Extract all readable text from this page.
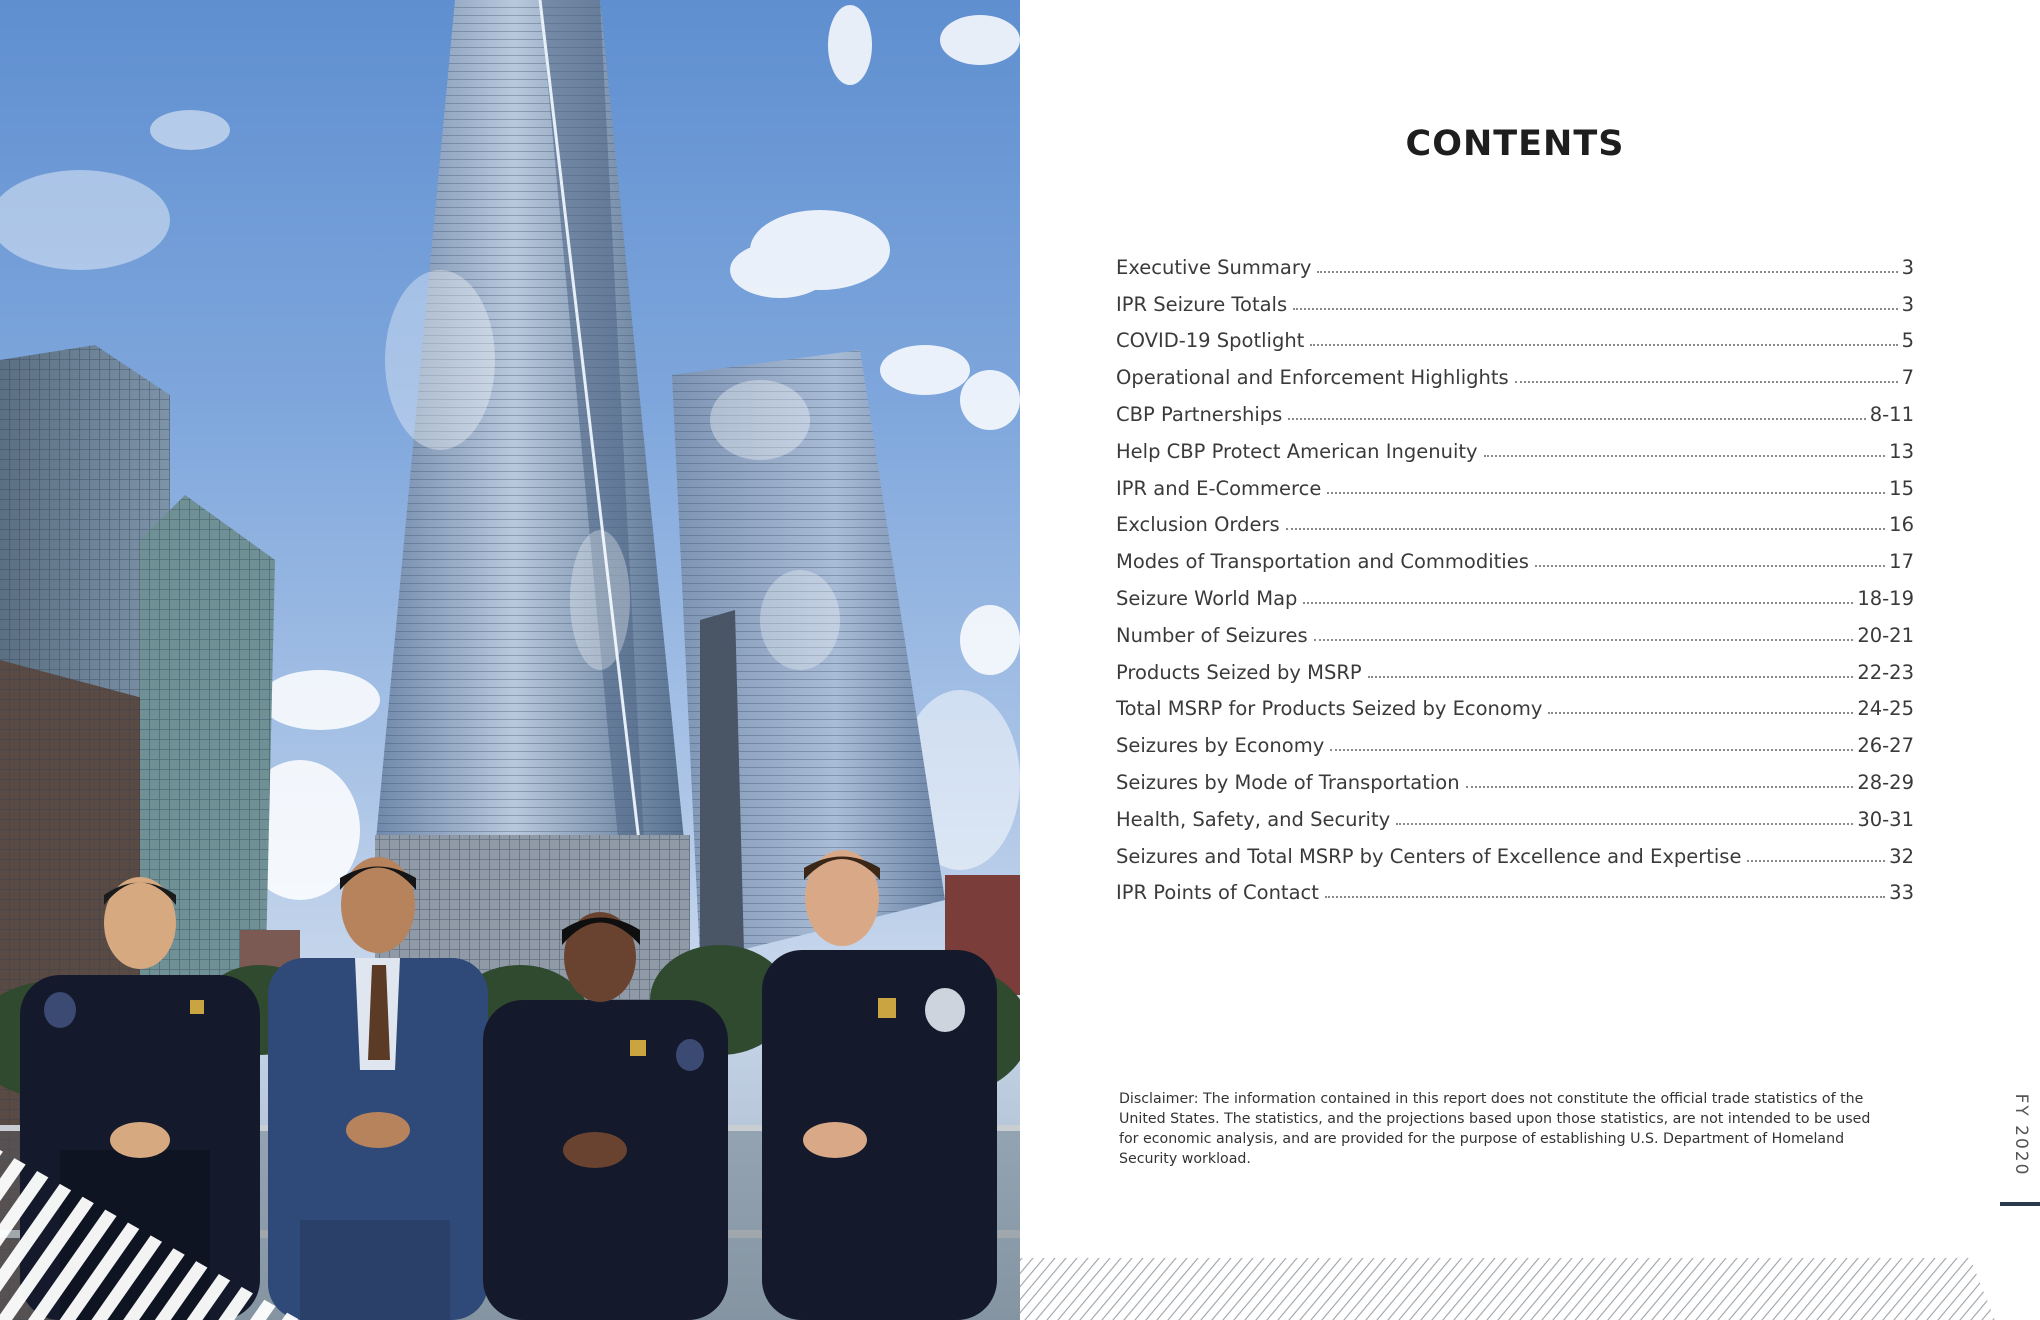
CONTENTS
Executive Summary	3
IPR Seizure Totals	3
COVID-19 Spotlight	5
Operational and Enforcement Highlights	7
CBP Partnerships	8-11
Help CBP Protect American Ingenuity	13
IPR and E-Commerce	15
Exclusion Orders	16
Modes of Transportation and Commodities	17
Seizure World Map	18-19
Number of Seizures	20-21
Products Seized by MSRP	22-23
Total MSRP for Products Seized by Economy	24-25
Seizures by Economy	26-27
Seizures by Mode of Transportation	28-29
Health, Safety, and Security	30-31
Seizures and Total MSRP by Centers of Excellence and Expertise	32
IPR Points of Contact	33
Disclaimer: The information contained in this report does not constitute the official trade statistics of the United States. The statistics, and the projections based upon those statistics, are not intended to be used for economic analysis, and are provided for the purpose of establishing U.S. Department of Homeland Security workload.	FY 2020
